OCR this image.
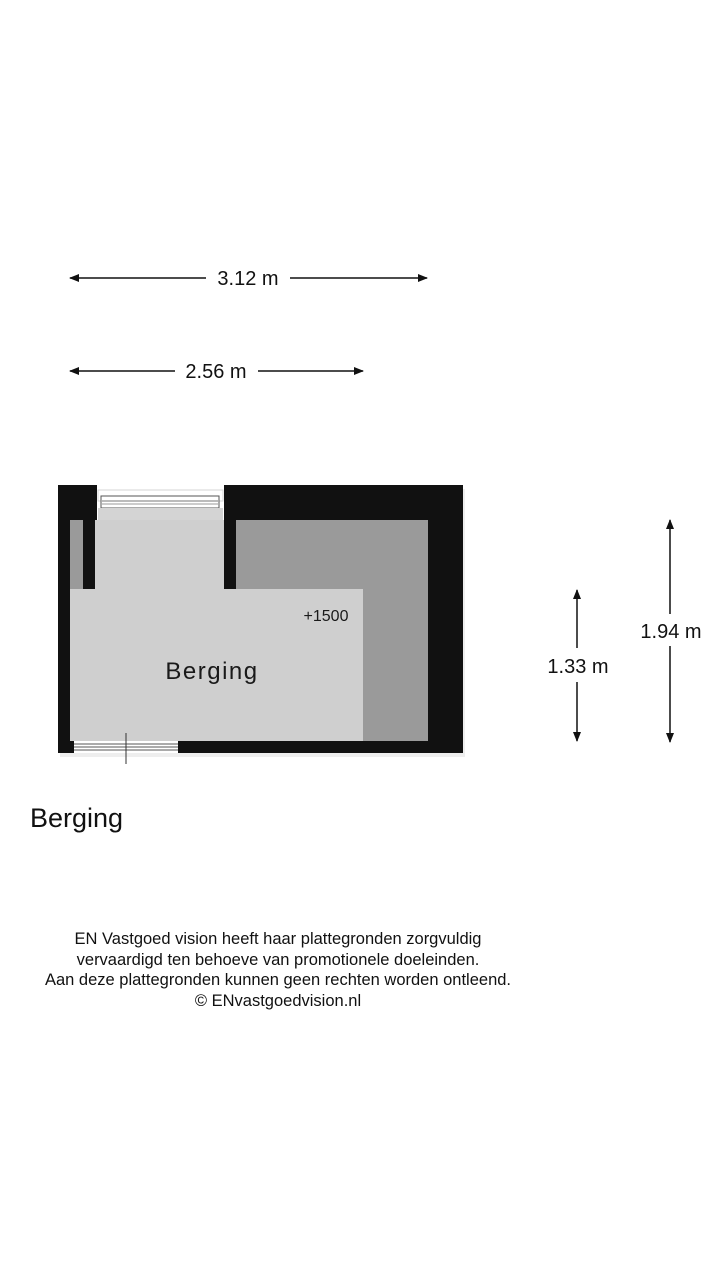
3.12 m
2.56 m
1.33 m
1.94 m
+1500
Berging
Berging
EN Vastgoed vision heeft haar plattegronden zorgvuldig
vervaardigd ten behoeve van promotionele doeleinden.
Aan deze plattegronden kunnen geen rechten worden ontleend.
© ENvastgoedvision.nl
